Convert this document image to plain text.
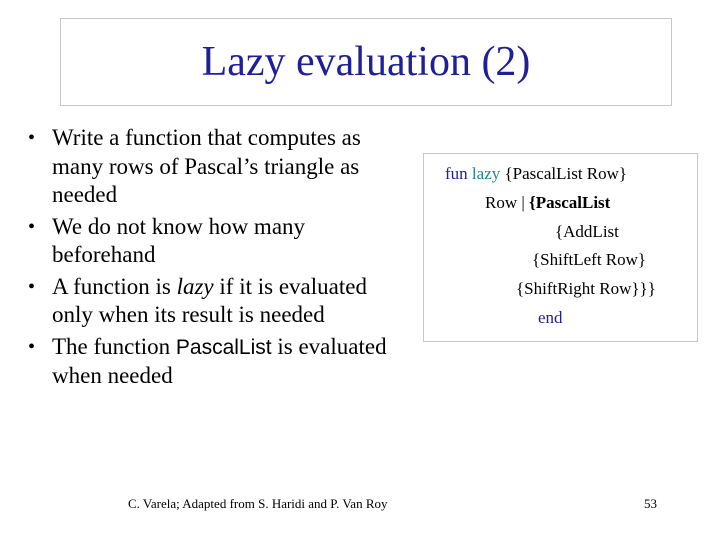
Lazy evaluation (2)
• Write a function that computes as many rows of Pascal’s triangle as needed
• We do not know how many beforehand
• A function is lazy if it is evaluated only when its result is needed
• The function PascalList is evaluated when needed
fun lazy {PascalList Row}
Row | {PascalList
{AddList
{ShiftLeft Row}
{ShiftRight Row}}}
end
C. Varela; Adapted from S. Haridi and P. Van Roy	53
